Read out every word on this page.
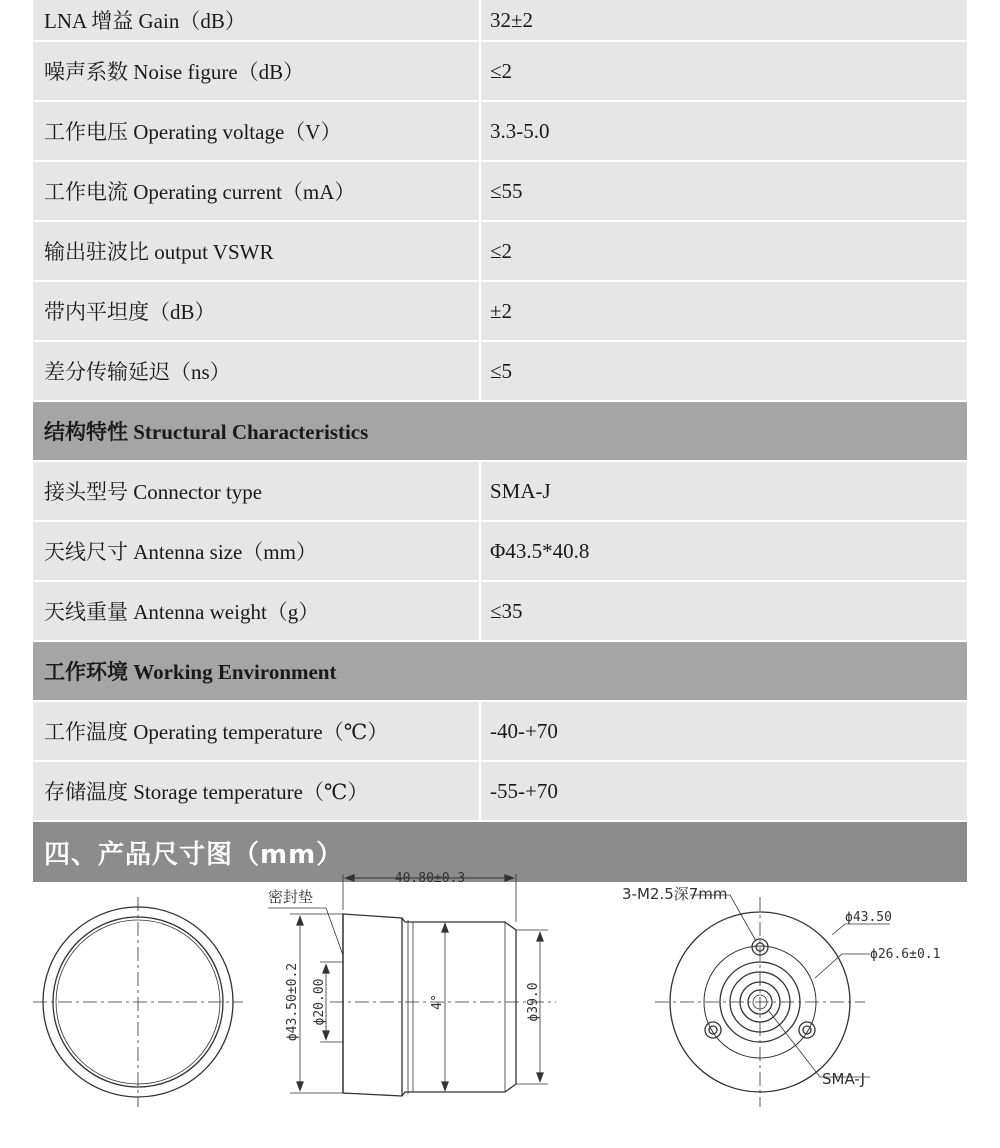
LNA 增益 Gain（dB）	32±2
噪声系数 Noise figure（dB）	≤2
工作电压 Operating voltage（V）	3.3-5.0
工作电流 Operating current（mA）	≤55
输出驻波比 output VSWR	≤2
带内平坦度（dB）	±2
差分传输延迟（ns）	≤5
结构特性 Structural Characteristics
接头型号 Connector type	SMA-J
天线尺寸 Antenna size（mm）	Φ43.5*40.8
天线重量 Antenna weight（g）	≤35
工作环境 Working Environment
工作温度 Operating temperature（℃）	-40-+70
存储温度 Storage temperature（℃）	-55-+70
四、产品尺寸图（mm）
40.80±0.3
密封垫
ϕ43.50±0.2 ϕ20.00	ϕ39.0
4°
3-M2.5深7mm
ϕ43.50
ϕ26.6±0.1
SMA-J
